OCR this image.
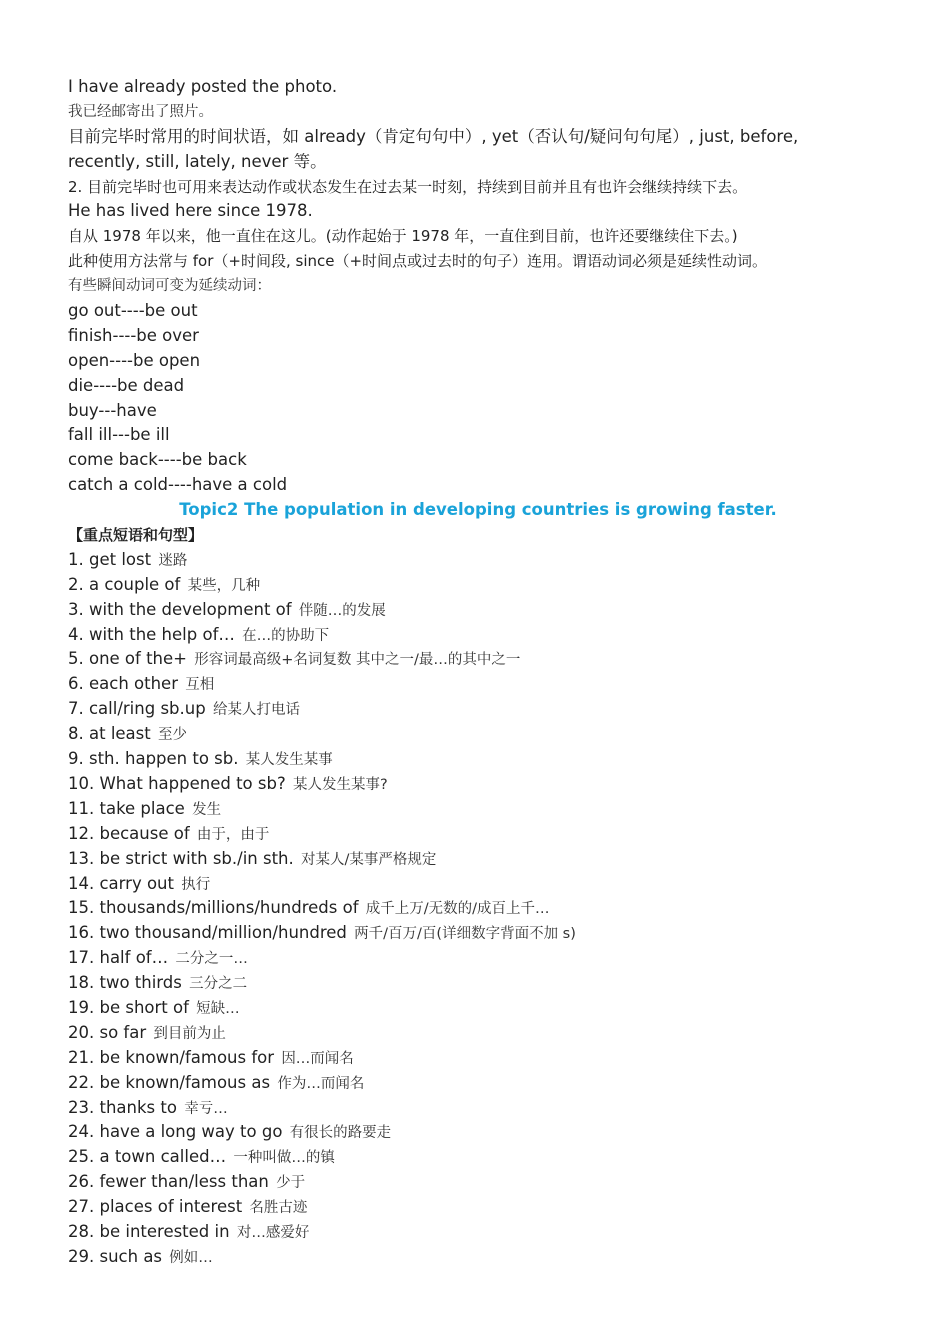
I have already posted the photo.
我已经邮寄出了照片。
目前完毕时常用的时间状语，如 already（肯定句句中）, yet（否认句/疑问句句尾）, just, before,
recently, still, lately, never 等。
2. 目前完毕时也可用来表达动作或状态发生在过去某一时刻，持续到目前并且有也许会继续持续下去。
He has lived here since 1978.
自从 1978 年以来，他一直住在这儿。(动作起始于 1978 年，一直住到目前，也许还要继续住下去。)
此种使用方法常与 for（+时间段, since（+时间点或过去时的句子）连用。谓语动词必须是延续性动词。
有些瞬间动词可变为延续动词：
go out----be out
finish----be over
open----be open
die----be dead
buy---have
fall ill---be ill
come back----be back
catch a cold----have a cold
Topic2 The population in developing countries is growing faster.
【重点短语和句型】
1. get lost 迷路
2. a couple of 某些，几种
3. with the development of 伴随…的发展
4. with the help of… 在…的协助下
5. one of the+ 形容词最高级+名词复数 其中之一/最…的其中之一
6. each other 互相
7. call/ring sb.up 给某人打电话
8. at least 至少
9. sth. happen to sb. 某人发生某事
10. What happened to sb? 某人发生某事?
11. take place 发生
12. because of 由于，由于
13. be strict with sb./in sth. 对某人/某事严格规定
14. carry out 执行
15. thousands/millions/hundreds of 成千上万/无数的/成百上千…
16. two thousand/million/hundred 两千/百万/百(详细数字背面不加 s)
17. half of… 二分之一…
18. two thirds 三分之二
19. be short of 短缺…
20. so far 到目前为止
21. be known/famous for 因…而闻名
22. be known/famous as 作为…而闻名
23. thanks to 幸亏…
24. have a long way to go 有很长的路要走
25. a town called… 一种叫做…的镇
26. fewer than/less than 少于
27. places of interest 名胜古迹
28. be interested in 对…感爱好
29. such as 例如…
